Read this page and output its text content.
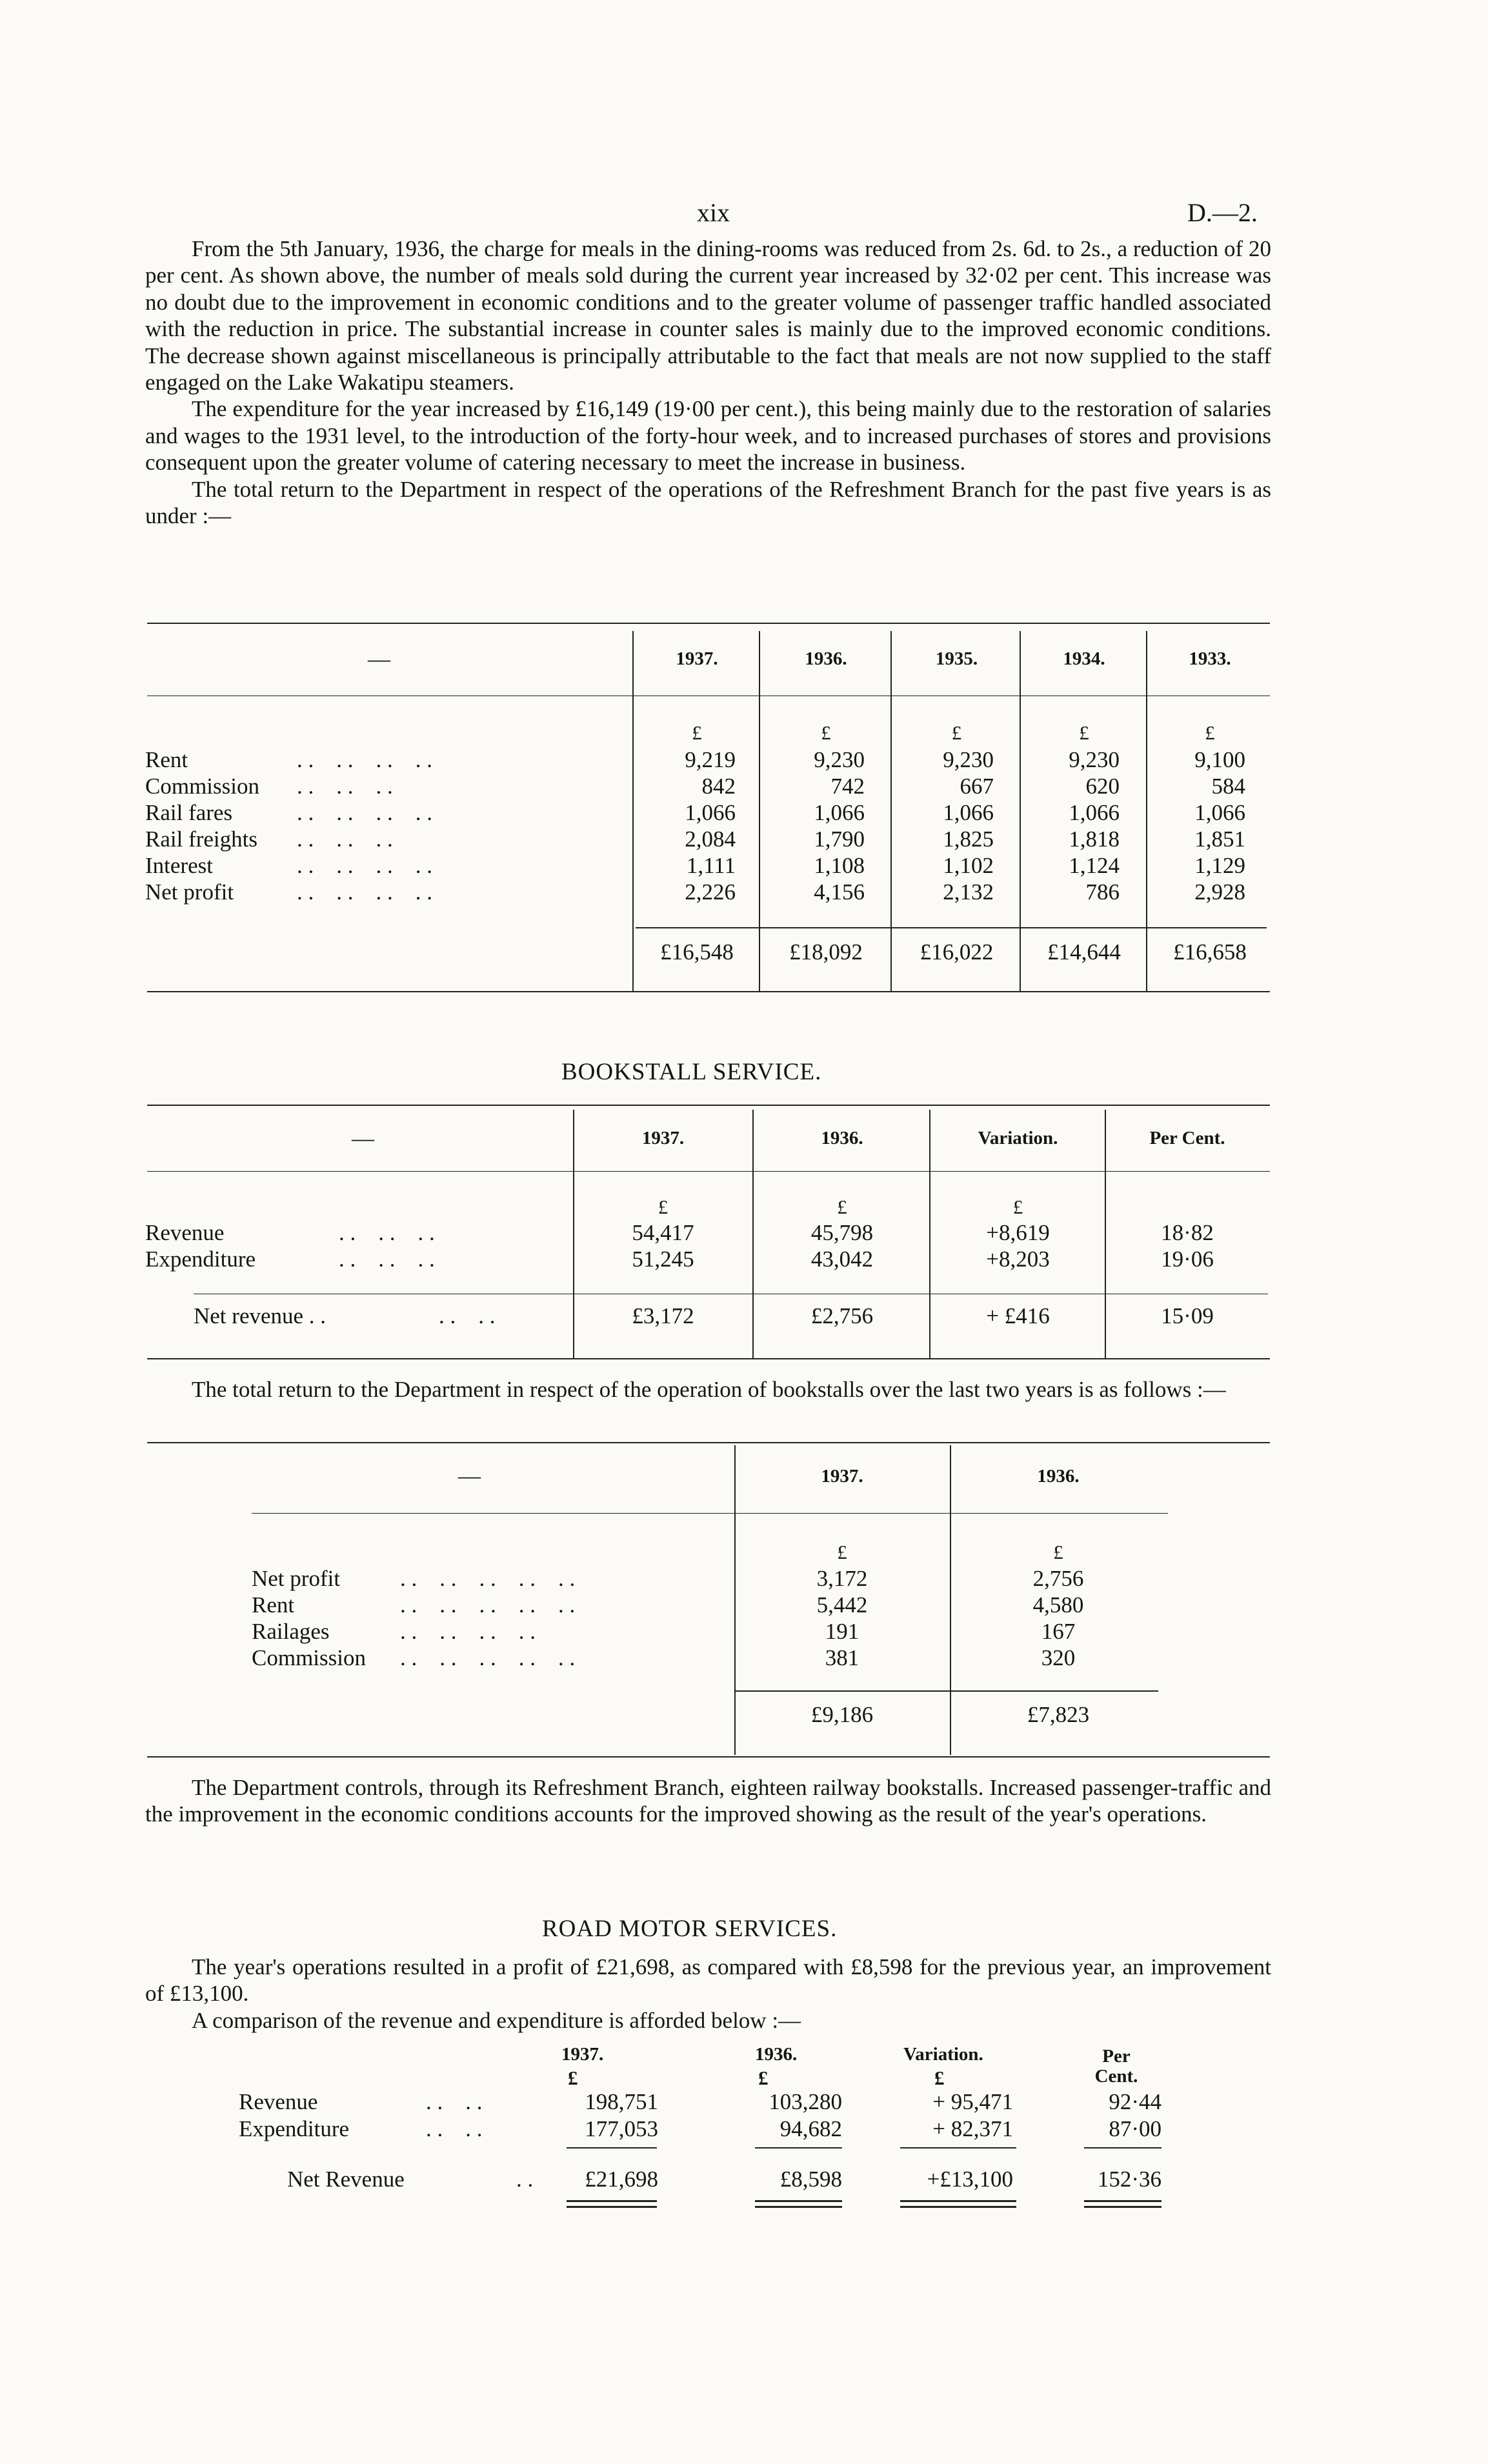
xix	D.—2.

From the 5th January, 1936, the charge for meals in the dining-rooms was reduced from 2s. 6d. to 2s., a reduction of 20 per cent. As shown above, the number of meals sold during the current year increased by 32·02 per cent. This increase was no doubt due to the improvement in economic conditions and to the greater volume of passenger traffic handled associated with the reduction in price. The substantial increase in counter sales is mainly due to the improved economic conditions. The decrease shown against miscellaneous is principally attributable to the fact that meals are not now supplied to the staff engaged on the Lake Wakatipu steamers.

The expenditure for the year increased by £16,149 (19·00 per cent.), this being mainly due to the restoration of salaries and wages to the 1931 level, to the introduction of the forty-hour week, and to increased purchases of stores and provisions consequent upon the greater volume of catering necessary to meet the increase in business.

The total return to the Department in respect of the operations of the Refreshment Branch for the past five years is as under :—

—	1937.	1936.	1935.	1934.	1933.
£	£	£	£	£
Rent	. .    . .    . .    . .	9,219	9,230	9,230	9,230	9,100
Commission . .    . .    . .	842	742	667	620	584
Rail fares	. .    . .    . .    . .	1,066	1,066	1,066	1,066	1,066
Rail freights . .    . .    . .	2,084	1,790	1,825	1,818	1,851
Interest	. .    . .    . .    . .	1,111	1,108	1,102	1,124	1,129
Net profit	. .    . .    . .    . .	2,226	4,156	2,132	786	2,928
£16,548	£18,092	£16,022	£14,644	£16,658
BOOKSTALL SERVICE.
—	1937.	1936.	Variation.	Per Cent.
£	£	£
Revenue	. .    . .    . .	54,417	45,798	+8,619	18·82
Expenditure	. .    . .    . .	51,245	43,042	+8,203	19·06
Net revenue . .	. .    . .	£3,172	£2,756	+ £416	15·09

The total return to the Department in respect of the operation of bookstalls over the last two years is as follows :—

—	1937.	1936.
£	£
Net profit	. .    . .    . .    . .    . .	3,172	2,756
Rent	. .    . .    . .    . .    . .	5,442	4,580
Railages	. .    . .    . .    . .	191	167
Commission . .    . .    . .    . .    . .	381	320
£9,186	£7,823

The Department controls, through its Refreshment Branch, eighteen railway bookstalls. Increased passenger-traffic and the improvement in the economic conditions accounts for the improved showing as the result of the year's operations.

ROAD MOTOR SERVICES.

The year's operations resulted in a profit of £21,698, as compared with £8,598 for the previous year, an improvement of £13,100.

A comparison of the revenue and expenditure is afforded below :—

1937.	1936.	Variation.	Per Cent.
£	£	£
Revenue	. .    . .	198,751	103,280	+ 95,471	92·44
Expenditure	. .    . .	177,053	94,682	+ 82,371	87·00
Net Revenue	. .	£21,698	£8,598	+£13,100	152·36
